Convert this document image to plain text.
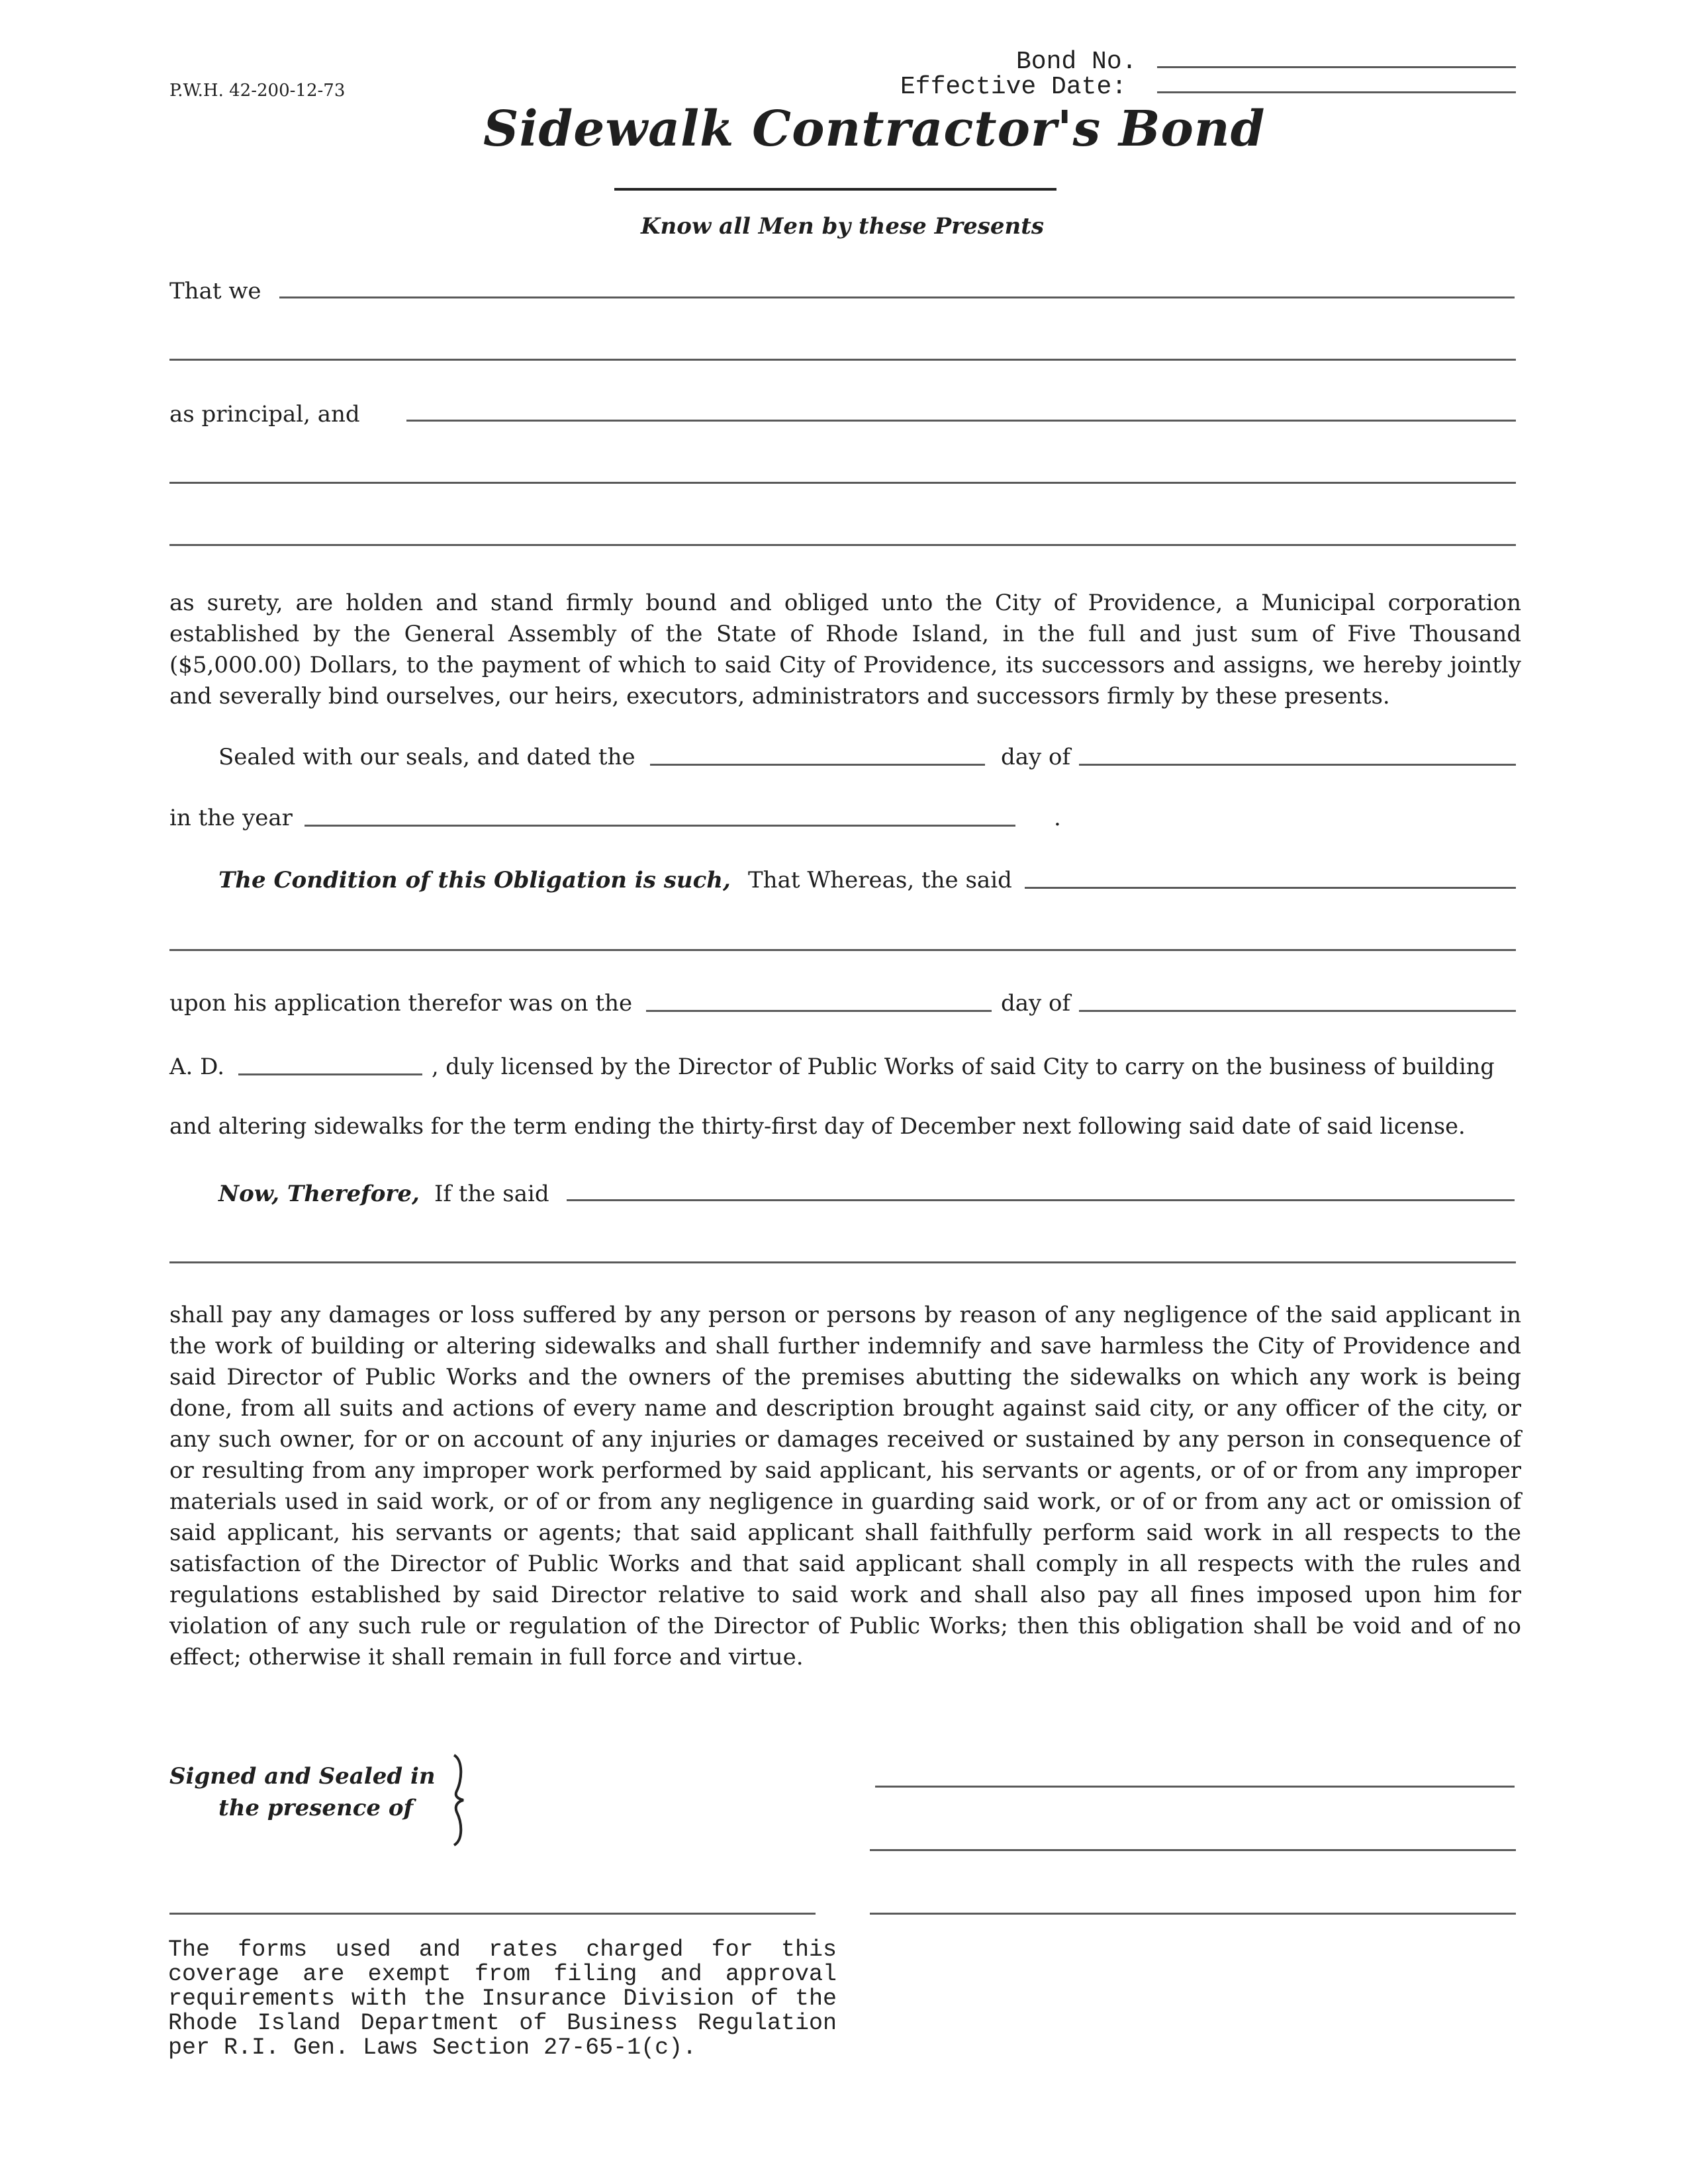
P.W.H. 42-200-12-73
Bond No.
Effective Date:
Sidewalk Contractor's Bond
Know all Men by these Presents
That we
as principal, and
as surety, are holden and stand firmly bound and obliged unto the City of Providence, a Municipal corporation established by the General Assembly of the State of Rhode Island, in the full and just sum of Five Thousand ($5,000.00) Dollars, to the payment of which to said City of Providence, its successors and assigns, we hereby jointly and severally bind ourselves, our heirs, executors, administrators and successors firmly by these presents.
Sealed with our seals, and dated the	day of
in the year	.
The Condition of this Obligation is such, That Whereas, the said
upon his application therefor was on the	day of
A. D.	, duly licensed by the Director of Public Works of said City to carry on the business of building
and altering sidewalks for the term ending the thirty-first day of December next following said date of said license.
Now, Therefore, If the said
shall pay any damages or loss suffered by any person or persons by reason of any negligence of the said applicant in the work of building or altering sidewalks and shall further indemnify and save harmless the City of Providence and said Director of Public Works and the owners of the premises abutting the sidewalks on which any work is being done, from all suits and actions of every name and description brought against said city, or any officer of the city, or any such owner, for or on account of any injuries or damages received or sustained by any person in consequence of or resulting from any improper work performed by said applicant, his servants or agents, or of or from any improper materials used in said work, or of or from any negligence in guarding said work, or of or from any act or omission of said applicant, his servants or agents; that said applicant shall faithfully perform said work in all respects to the satisfaction of the Director of Public Works and that said applicant shall comply in all respects with the rules and regulations established by said Director relative to said work and shall also pay all fines imposed upon him for violation of any such rule or regulation of the Director of Public Works; then this obligation shall be void and of no effect; otherwise it shall remain in full force and virtue.
Signed and Sealed in
the presence of
The forms used and rates charged for this coverage are exempt from filing and approval requirements with the Insurance Division of the Rhode Island Department of Business Regulation per R.I. Gen. Laws Section 27-65-1(c).
